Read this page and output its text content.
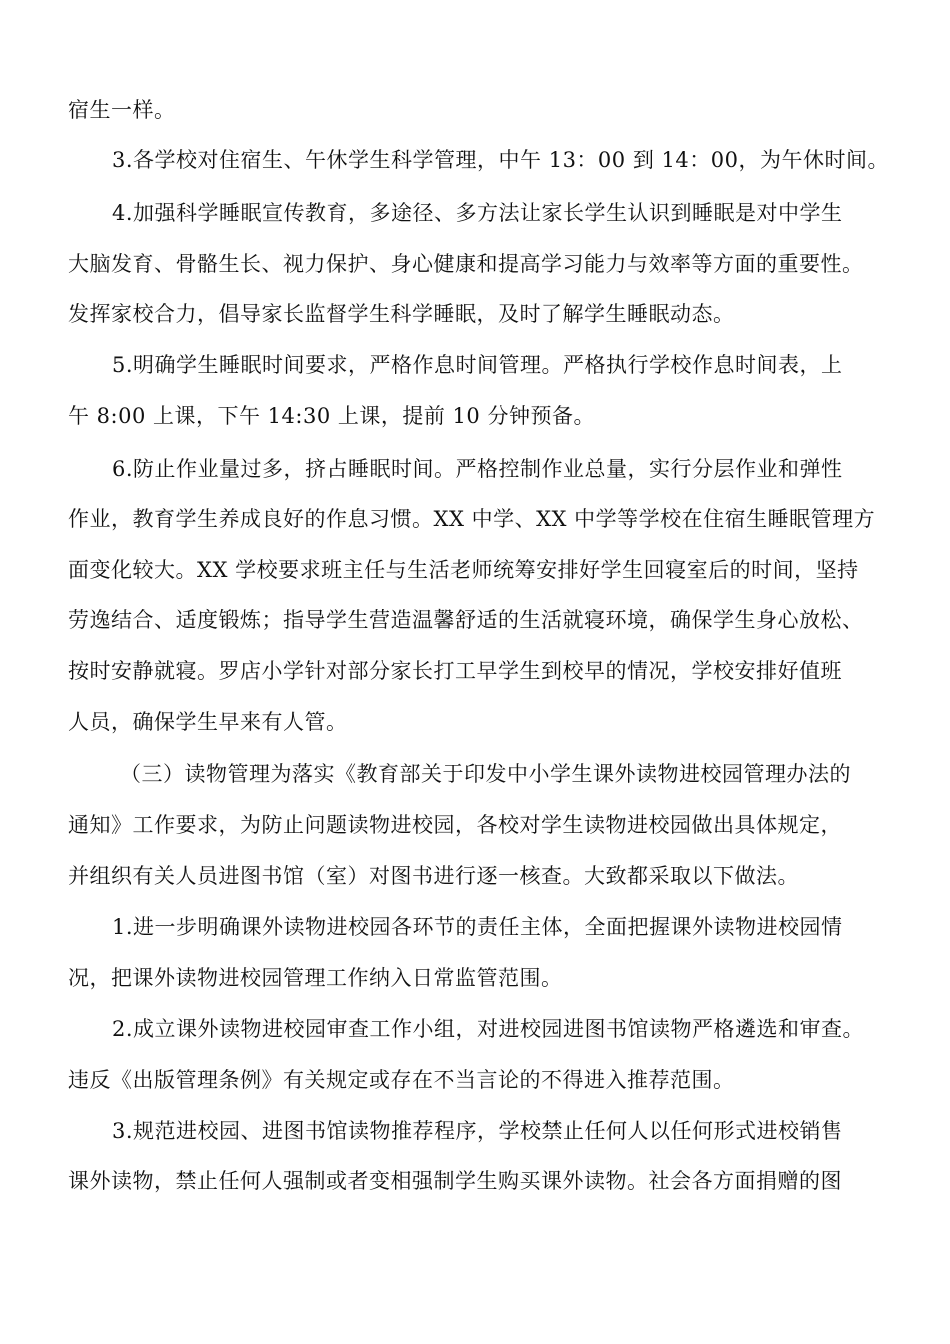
宿生一样。
3.各学校对住宿生、午休学生科学管理，中午 13：00 到 14：00，为午休时间。
4.加强科学睡眠宣传教育，多途径、多方法让家长学生认识到睡眠是对中学生
大脑发育、骨骼生长、视力保护、身心健康和提高学习能力与效率等方面的重要性。
发挥家校合力，倡导家长监督学生科学睡眠，及时了解学生睡眠动态。
5.明确学生睡眠时间要求，严格作息时间管理。严格执行学校作息时间表，上
午 8:00 上课，下午 14:30 上课，提前 10 分钟预备。
6.防止作业量过多，挤占睡眠时间。严格控制作业总量，实行分层作业和弹性
作业，教育学生养成良好的作息习惯。XX 中学、XX 中学等学校在住宿生睡眠管理方
面变化较大。XX 学校要求班主任与生活老师统筹安排好学生回寝室后的时间，坚持
劳逸结合、适度锻炼；指导学生营造温馨舒适的生活就寝环境，确保学生身心放松、
按时安静就寝。罗店小学针对部分家长打工早学生到校早的情况，学校安排好值班
人员，确保学生早来有人管。
（三）读物管理为落实《教育部关于印发中小学生课外读物进校园管理办法的
通知》工作要求，为防止问题读物进校园，各校对学生读物进校园做出具体规定，
并组织有关人员进图书馆（室）对图书进行逐一核查。大致都采取以下做法。
1.进一步明确课外读物进校园各环节的责任主体，全面把握课外读物进校园情
况，把课外读物进校园管理工作纳入日常监管范围。
2.成立课外读物进校园审查工作小组，对进校园进图书馆读物严格遴选和审查。
违反《出版管理条例》有关规定或存在不当言论的不得进入推荐范围。
3.规范进校园、进图书馆读物推荐程序，学校禁止任何人以任何形式进校销售
课外读物，禁止任何人强制或者变相强制学生购买课外读物。社会各方面捐赠的图
